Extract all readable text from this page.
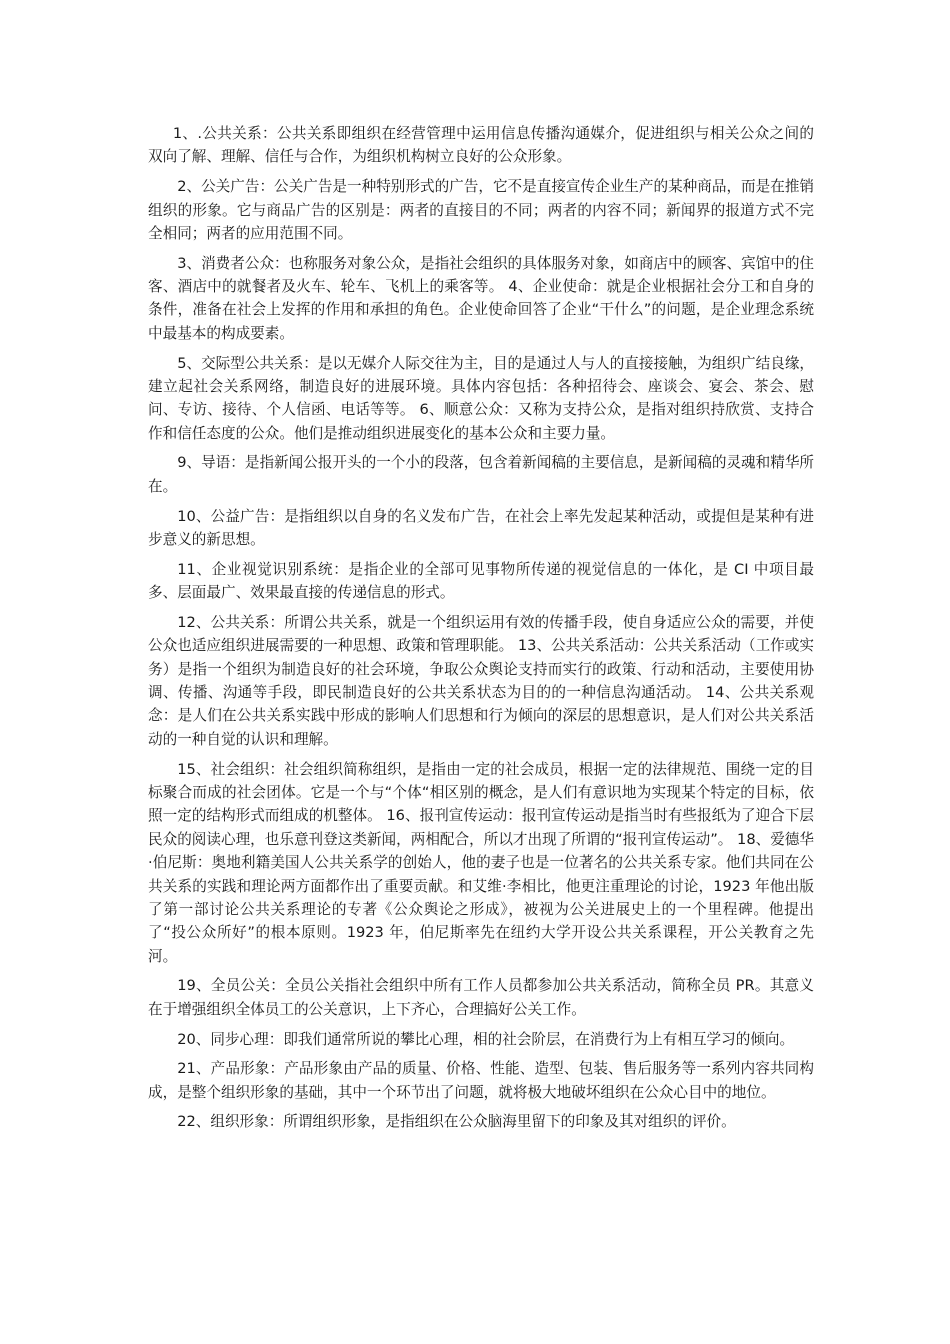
1、.公共关系：公共关系即组织在经营管理中运用信息传播沟通媒介，促进组织与相关公众之间的双向了解、理解、信任与合作，为组织机构树立良好的公众形象。

2、公关广告：公关广告是一种特别形式的广告，它不是直接宣传企业生产的某种商品，而是在推销组织的形象。它与商品广告的区别是：两者的直接目的不同；两者的内容不同；新闻界的报道方式不完全相同；两者的应用范围不同。

3、消费者公众：也称服务对象公众，是指社会组织的具体服务对象，如商店中的顾客、宾馆中的住客、酒店中的就餐者及火车、轮车、飞机上的乘客等。 4、企业使命：就是企业根据社会分工和自身的条件，准备在社会上发挥的作用和承担的角色。企业使命回答了企业“干什么”的问题，是企业理念系统中最基本的构成要素。

5、交际型公共关系：是以无媒介人际交往为主，目的是通过人与人的直接接触，为组织广结良缘，建立起社会关系网络，制造良好的进展环境。具体内容包括：各种招待会、座谈会、宴会、茶会、慰问、专访、接待、个人信函、电话等等。 6、顺意公众：又称为支持公众，是指对组织持欣赏、支持合作和信任态度的公众。他们是推动组织进展变化的基本公众和主要力量。

9、导语：是指新闻公报开头的一个小的段落，包含着新闻稿的主要信息，是新闻稿的灵魂和精华所在。

10、公益广告：是指组织以自身的名义发布广告，在社会上率先发起某种活动，或提但是某种有进步意义的新思想。

11、企业视觉识别系统：是指企业的全部可见事物所传递的视觉信息的一体化，是 CI 中项目最多、层面最广、效果最直接的传递信息的形式。

12、公共关系：所谓公共关系，就是一个组织运用有效的传播手段，使自身适应公众的需要，并使公众也适应组织进展需要的一种思想、政策和管理职能。 13、公共关系活动：公共关系活动（工作或实务）是指一个组织为制造良好的社会环境，争取公众舆论支持而实行的政策、行动和活动，主要使用协调、传播、沟通等手段，即民制造良好的公共关系状态为目的的一种信息沟通活动。 14、公共关系观念：是人们在公共关系实践中形成的影响人们思想和行为倾向的深层的思想意识，是人们对公共关系活动的一种自觉的认识和理解。

15、社会组织：社会组织简称组织，是指由一定的社会成员，根据一定的法律规范、围绕一定的目标聚合而成的社会团体。它是一个与“个体“相区别的概念，是人们有意识地为实现某个特定的目标，依照一定的结构形式而组成的机整体。 16、报刊宣传运动：报刊宣传运动是指当时有些报纸为了迎合下层民众的阅读心理，也乐意刊登这类新闻，两相配合，所以才出现了所谓的“报刊宣传运动”。 18、爱德华·伯尼斯：奥地利籍美国人公共关系学的创始人，他的妻子也是一位著名的公共关系专家。他们共同在公共关系的实践和理论两方面都作出了重要贡献。和艾维·李相比，他更注重理论的讨论，1923 年他出版了第一部讨论公共关系理论的专著《公众舆论之形成》，被视为公关进展史上的一个里程碑。他提出了“投公众所好”的根本原则。1923 年，伯尼斯率先在纽约大学开设公共关系课程，开公关教育之先河。

19、全员公关：全员公关指社会组织中所有工作人员都参加公共关系活动，简称全员 PR。其意义在于增强组织全体员工的公关意识，上下齐心，合理搞好公关工作。

20、同步心理：即我们通常所说的攀比心理，相的社会阶层，在消费行为上有相互学习的倾向。

21、产品形象：产品形象由产品的质量、价格、性能、造型、包装、售后服务等一系列内容共同构成，是整个组织形象的基础，其中一个环节出了问题，就将极大地破坏组织在公众心目中的地位。

22、组织形象：所谓组织形象，是指组织在公众脑海里留下的印象及其对组织的评价。
